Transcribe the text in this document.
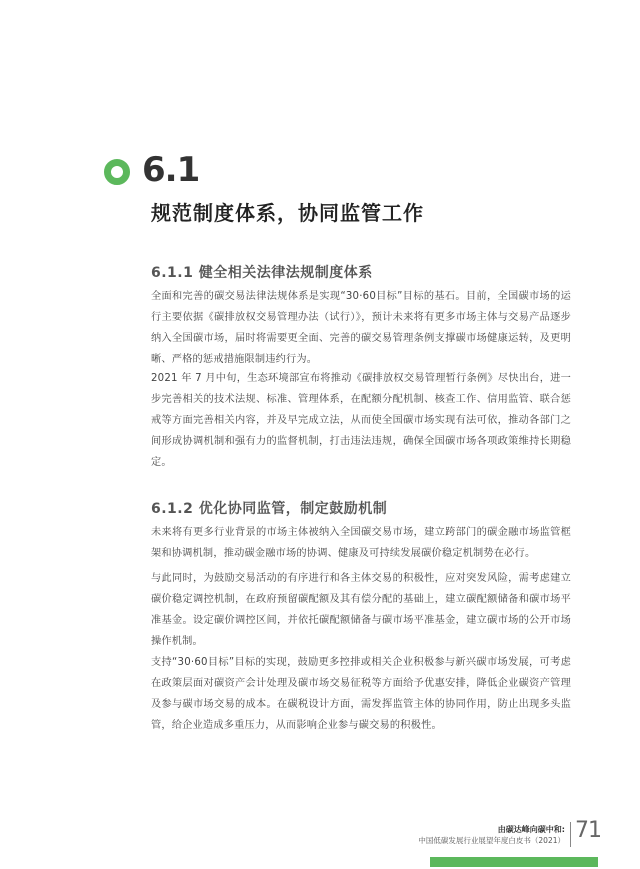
6.1
规范制度体系，协同监管工作
6.1.1 健全相关法律法规制度体系

全面和完善的碳交易法律法规体系是实现“30·60目标”目标的基石。目前，全国碳市场的运行主要依据《碳排放权交易管理办法（试行）》，预计未来将有更多市场主体与交易产品逐步纳入全国碳市场，届时将需要更全面、完善的碳交易管理条例支撑碳市场健康运转，及更明晰、严格的惩戒措施限制违约行为。

2021 年 7 月中旬，生态环境部宣布将推动《碳排放权交易管理暂行条例》尽快出台，进一步完善相关的技术法规、标准、管理体系，在配额分配机制、核查工作、信用监管、联合惩戒等方面完善相关内容，并及早完成立法，从而使全国碳市场实现有法可依，推动各部门之间形成协调机制和强有力的监督机制，打击违法违规，确保全国碳市场各项政策维持长期稳定。

6.1.2 优化协同监管，制定鼓励机制

未来将有更多行业背景的市场主体被纳入全国碳交易市场，建立跨部门的碳金融市场监管框架和协调机制，推动碳金融市场的协调、健康及可持续发展碳价稳定机制势在必行。

与此同时，为鼓励交易活动的有序进行和各主体交易的积极性，应对突发风险，需考虑建立碳价稳定调控机制，在政府预留碳配额及其有偿分配的基础上，建立碳配额储备和碳市场平准基金。设定碳价调控区间，并依托碳配额储备与碳市场平准基金，建立碳市场的公开市场操作机制。

支持“30·60目标”目标的实现，鼓励更多控排或相关企业积极参与新兴碳市场发展，可考虑在政策层面对碳资产会计处理及碳市场交易征税等方面给予优惠安排，降低企业碳资产管理及参与碳市场交易的成本。在碳税设计方面，需发挥监管主体的协同作用，防止出现多头监管，给企业造成多重压力，从而影响企业参与碳交易的积极性。

由碳达峰向碳中和:
中国低碳发展行业展望年度白皮书（2021） 71
